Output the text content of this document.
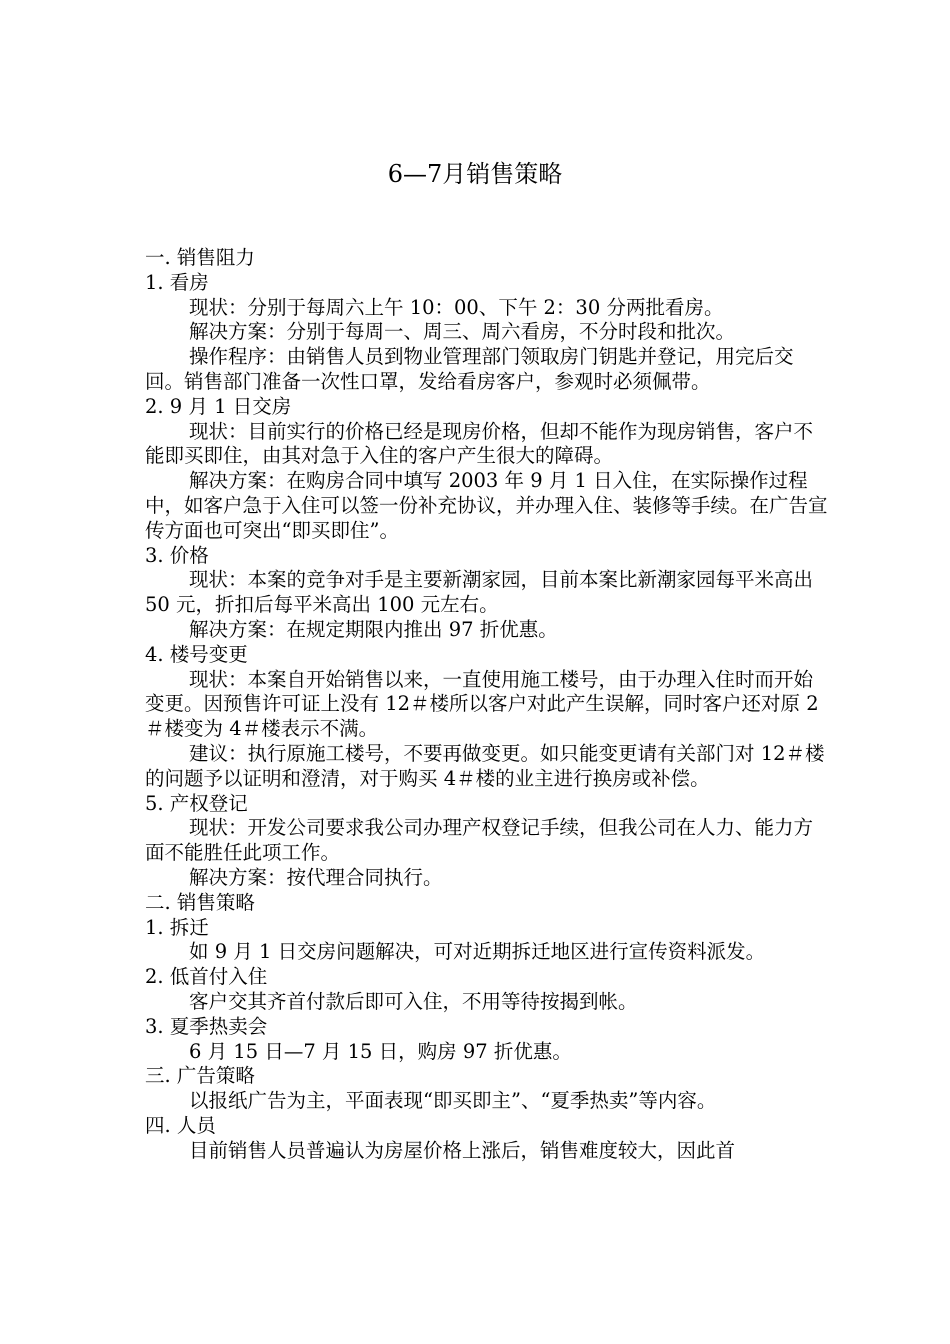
6—7月销售策略

一. 销售阻力

1. 看房

现状：分别于每周六上午 10：00、下午 2：30 分两批看房。

解决方案：分别于每周一、周三、周六看房，不分时段和批次。

操作程序：由销售人员到物业管理部门领取房门钥匙并登记，用完后交回。销售部门准备一次性口罩，发给看房客户，参观时必须佩带。

2. 9 月 1 日交房

现状：目前实行的价格已经是现房价格，但却不能作为现房销售，客户不能即买即住，由其对急于入住的客户产生很大的障碍。

解决方案：在购房合同中填写 2003 年 9 月 1 日入住，在实际操作过程中，如客户急于入住可以签一份补充协议，并办理入住、装修等手续。在广告宣传方面也可突出“即买即住”。

3. 价格

现状：本案的竞争对手是主要新潮家园，目前本案比新潮家园每平米高出 50 元，折扣后每平米高出 100 元左右。

解决方案：在规定期限内推出 97 折优惠。

4. 楼号变更

现状：本案自开始销售以来，一直使用施工楼号，由于办理入住时而开始变更。因预售许可证上没有 12＃楼所以客户对此产生误解，同时客户还对原 2＃楼变为 4＃楼表示不满。

建议：执行原施工楼号，不要再做变更。如只能变更请有关部门对 12＃楼的问题予以证明和澄清，对于购买 4＃楼的业主进行换房或补偿。

5. 产权登记

现状：开发公司要求我公司办理产权登记手续，但我公司在人力、能力方面不能胜任此项工作。

解决方案：按代理合同执行。

二. 销售策略

1. 拆迁

如 9 月 1 日交房问题解决，可对近期拆迁地区进行宣传资料派发。

2. 低首付入住

客户交其齐首付款后即可入住，不用等待按揭到帐。

3. 夏季热卖会

6 月 15 日—7 月 15 日，购房 97 折优惠。

三. 广告策略

以报纸广告为主，平面表现“即买即主”、“夏季热卖”等内容。

四. 人员

目前销售人员普遍认为房屋价格上涨后，销售难度较大，因此首
